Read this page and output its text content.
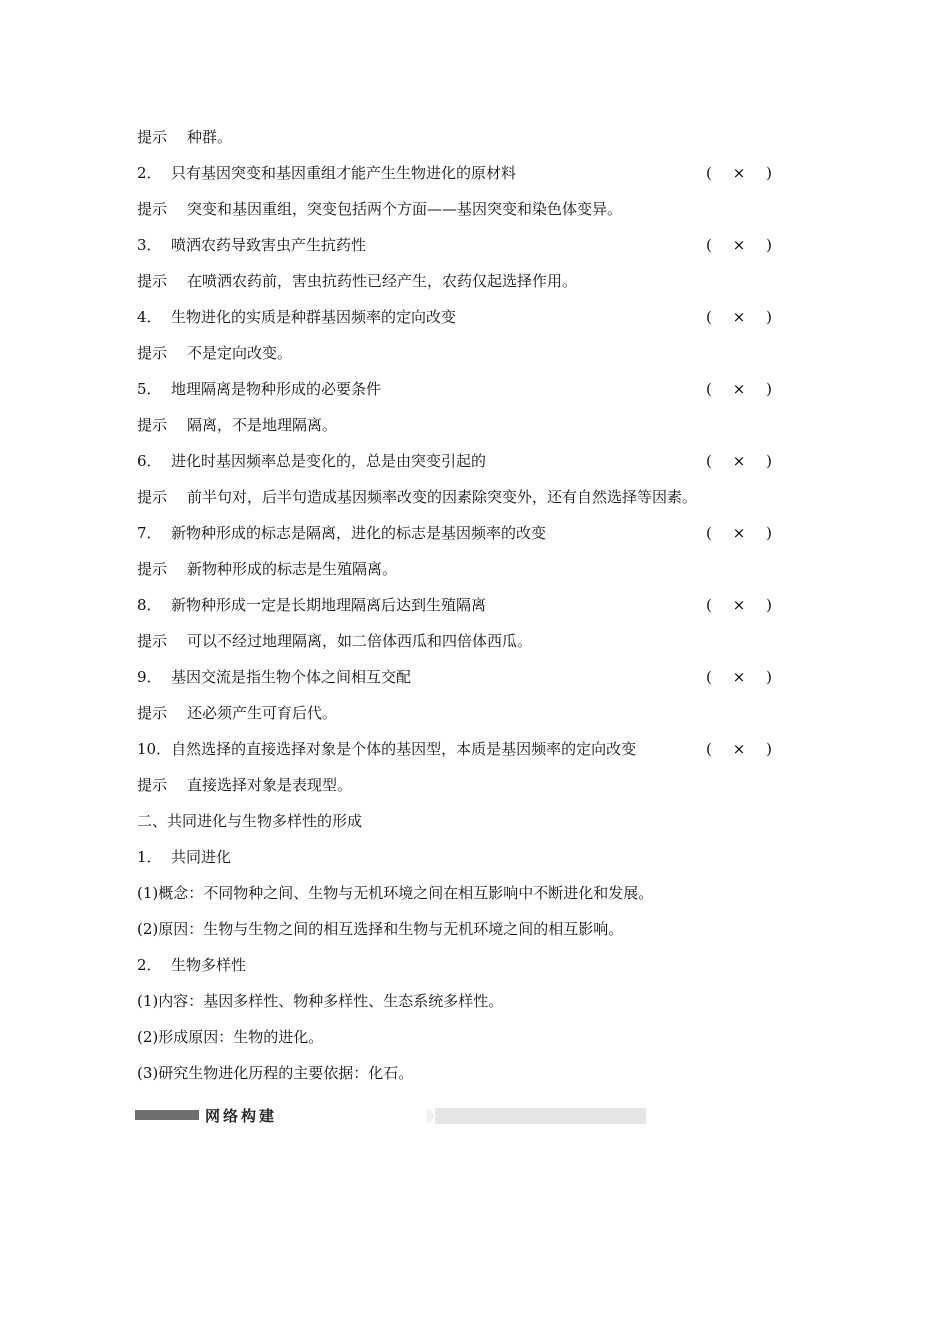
提示 种群。
2． 只有基因突变和基因重组才能产生生物进化的原材料	( × )
提示 突变和基因重组，突变包括两个方面——基因突变和染色体变异。
3． 喷洒农药导致害虫产生抗药性	( × )
提示 在喷洒农药前，害虫抗药性已经产生，农药仅起选择作用。
4． 生物进化的实质是种群基因频率的定向改变	( × )
提示 不是定向改变。
5． 地理隔离是物种形成的必要条件	( × )
提示 隔离，不是地理隔离。
6． 进化时基因频率总是变化的，总是由突变引起的	( × )
提示 前半句对，后半句造成基因频率改变的因素除突变外，还有自然选择等因素。
7． 新物种形成的标志是隔离，进化的标志是基因频率的改变	( × )
提示 新物种形成的标志是生殖隔离。
8． 新物种形成一定是长期地理隔离后达到生殖隔离	( × )
提示 可以不经过地理隔离，如二倍体西瓜和四倍体西瓜。
9． 基因交流是指生物个体之间相互交配	( × )
提示 还必须产生可育后代。
10．自然选择的直接选择对象是个体的基因型，本质是基因频率的定向改变	( × )
提示 直接选择对象是表现型。
二、共同进化与生物多样性的形成
1． 共同进化
(1)概念：不同物种之间、生物与无机环境之间在相互影响中不断进化和发展。
(2)原因：生物与生物之间的相互选择和生物与无机环境之间的相互影响。
2． 生物多样性
(1)内容：基因多样性、物种多样性、生态系统多样性。
(2)形成原因：生物的进化。
(3)研究生物进化历程的主要依据：化石。
网络构建
